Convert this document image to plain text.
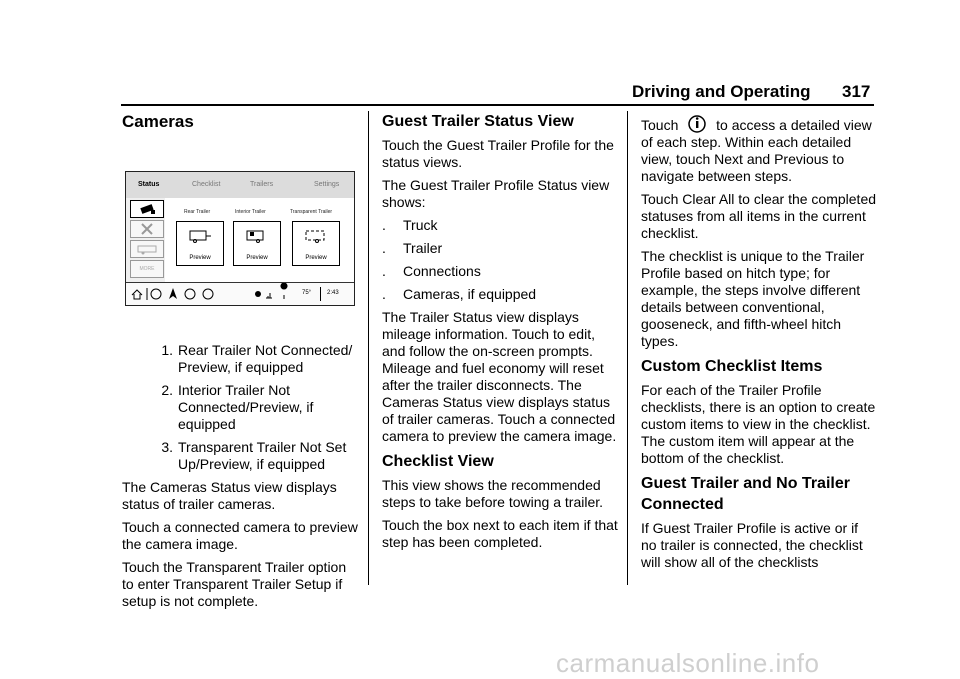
Driving and Operating 317
Cameras
Status	Checklist	Trailers	Settings
MORE
Rear Trailer	Interior Trailer	Transparent Trailer
Preview	Preview	Preview
75°	2:43
1. Rear Trailer Not Connected/ Preview, if equipped
2. Interior Trailer Not Connected/Preview, if equipped
3. Transparent Trailer Not Set Up/Preview, if equipped

The Cameras Status view displays status of trailer cameras.

Touch a connected camera to preview the camera image.

Touch the Transparent Trailer option to enter Transparent Trailer Setup if setup is not complete.

Guest Trailer Status View

Touch the Guest Trailer Profile for the status views.

The Guest Trailer Profile Status view shows:

. Truck
. Trailer
. Connections
. Cameras, if equipped

The Trailer Status view displays mileage information. Touch to edit, and follow the on-screen prompts. Mileage and fuel economy will reset after the trailer disconnects. The Cameras Status view displays status of trailer cameras. Touch a connected camera to preview the camera image.

Checklist View

This view shows the recommended steps to take before towing a trailer.

Touch the box next to each item if that step has been completed.

Touch	to access a detailed view of each step. Within each detailed view, touch Next and Previous to navigate between steps.

Touch Clear All to clear the completed statuses from all items in the current checklist.

The checklist is unique to the Trailer Profile based on hitch type; for example, the steps involve different details between conventional, gooseneck, and fifth-wheel hitch types.

Custom Checklist Items

For each of the Trailer Profile checklists, there is an option to create custom items to view in the checklist. The custom item will appear at the bottom of the checklist.

Guest Trailer and No Trailer Connected

If Guest Trailer Profile is active or if no trailer is connected, the checklist will show all of the checklists

carmanualsonline.info
